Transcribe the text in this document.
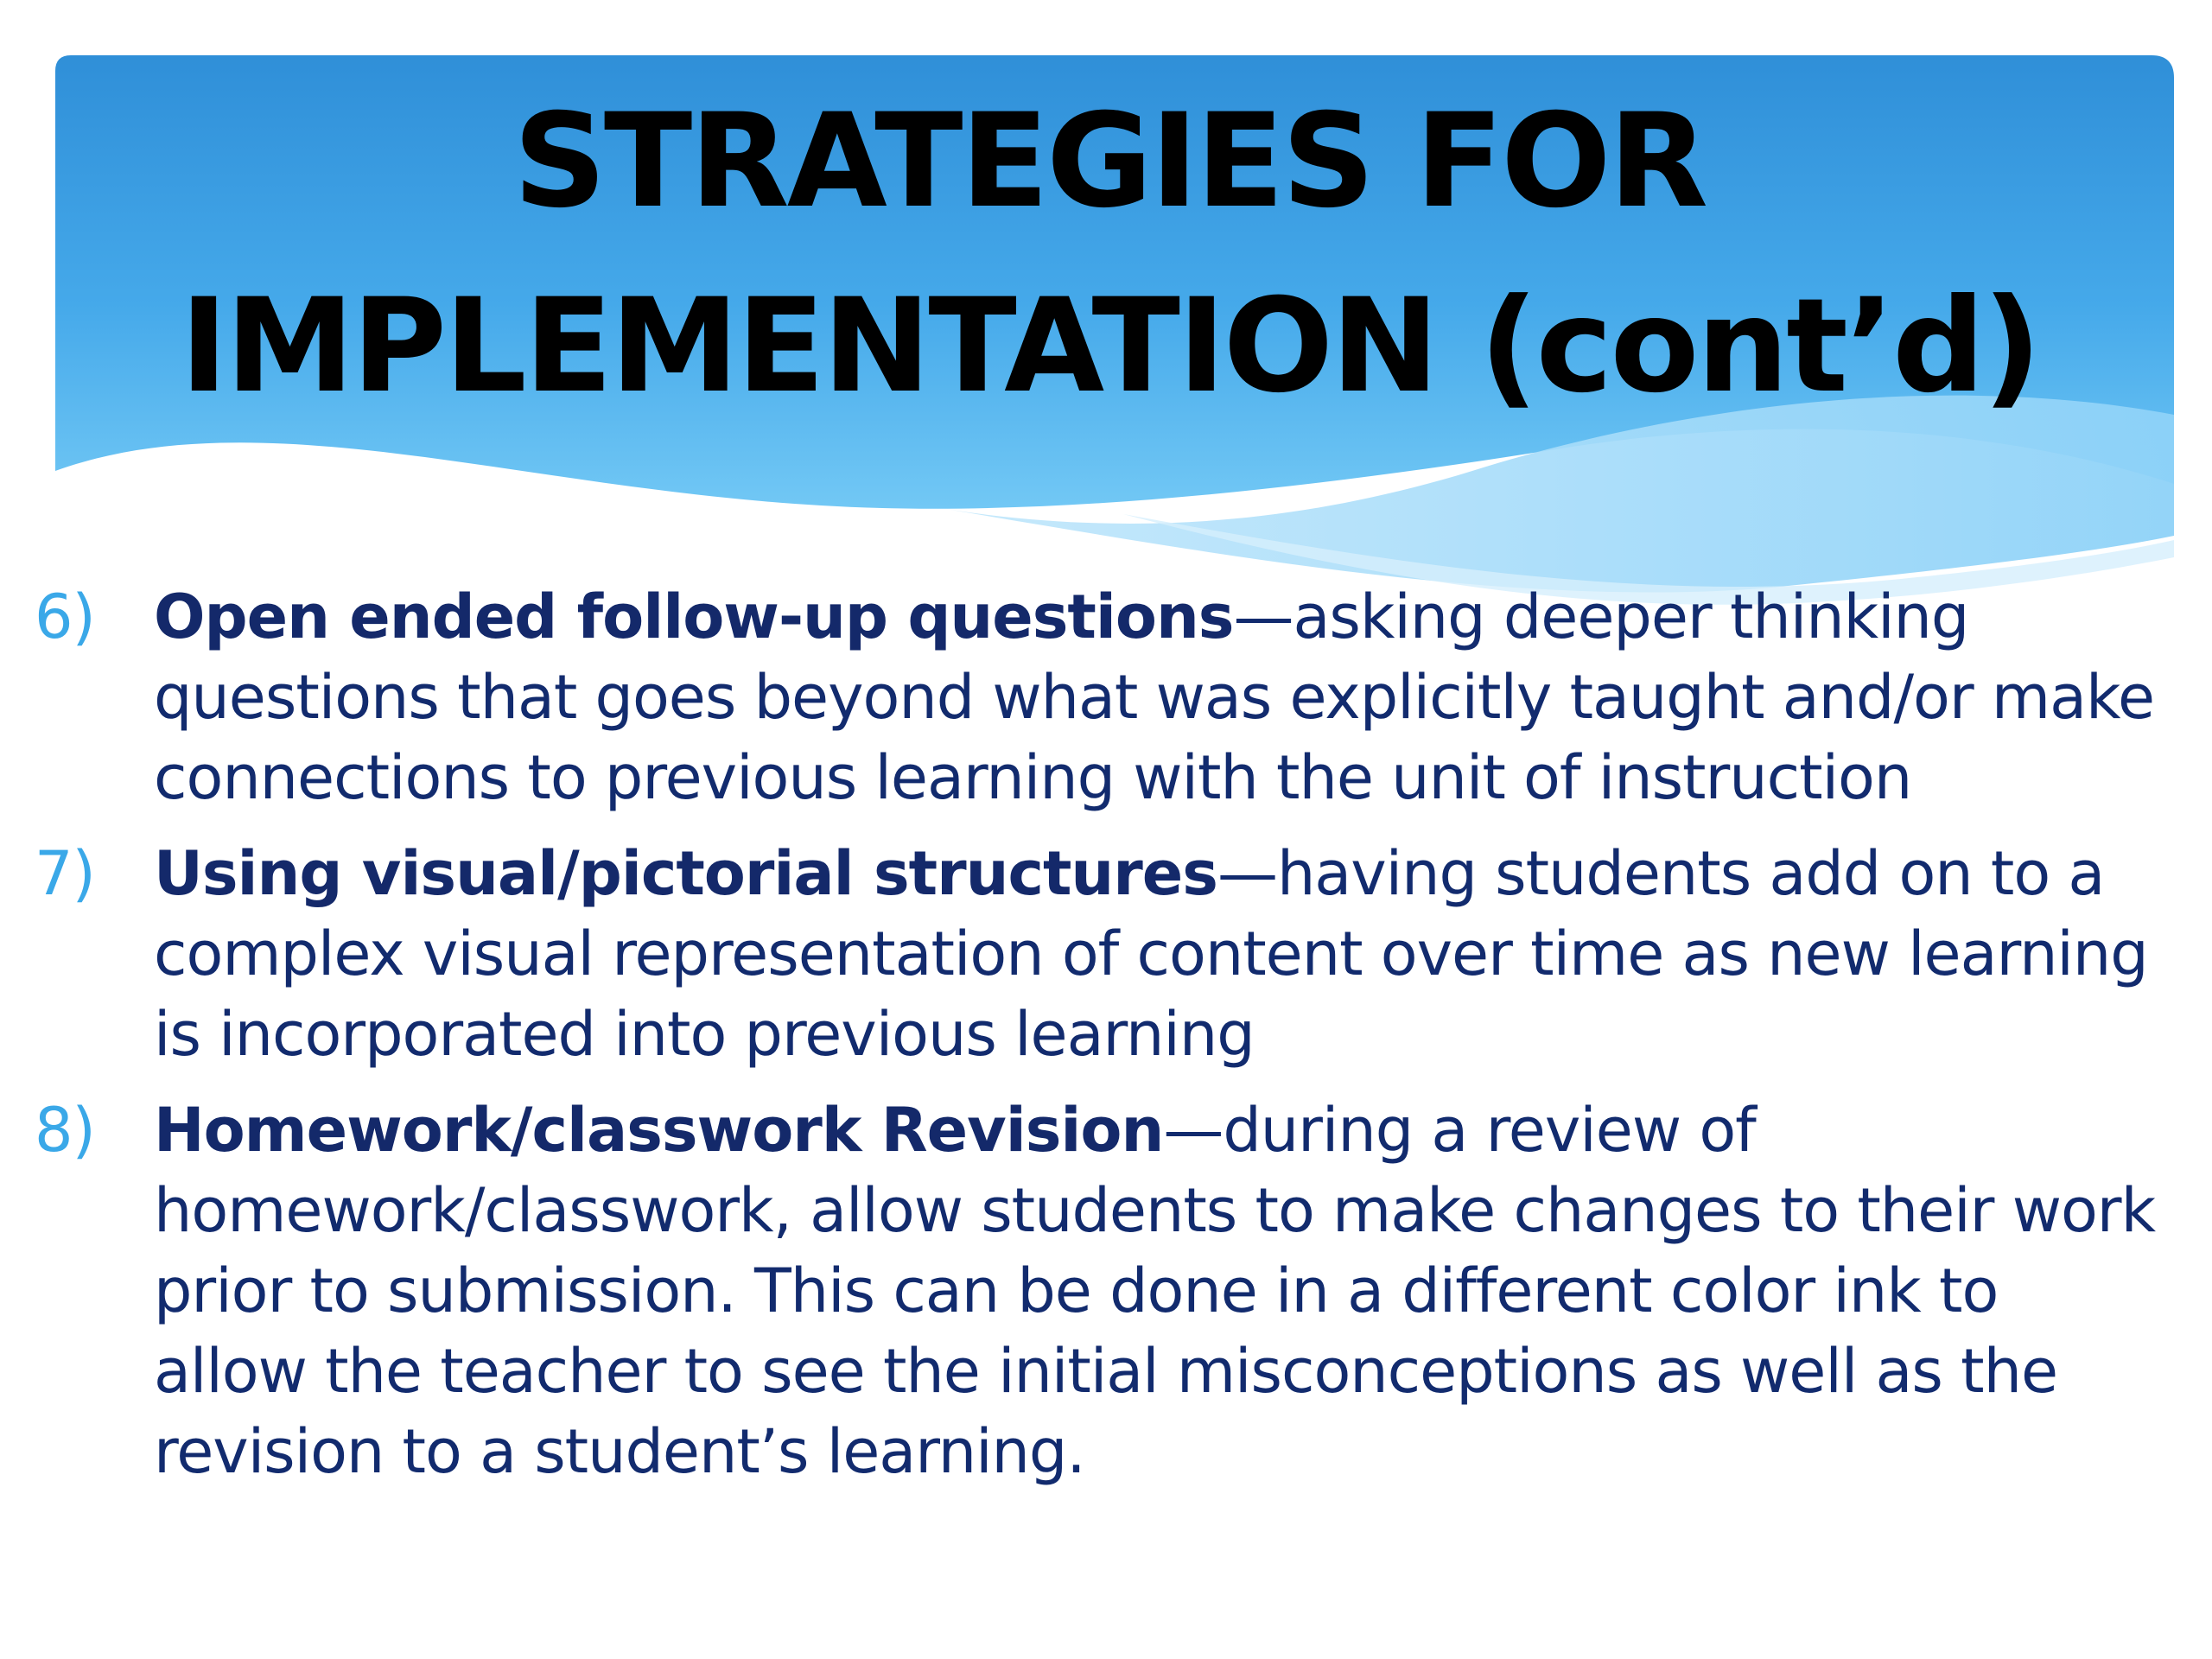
STRATEGIES FOR
IMPLEMENTATION (cont’d)
6) Open ended follow-up questions—asking deeper thinking questions that goes beyond what was explicitly taught and/or make connections to previous learning with the unit of instruction
7) Using visual/pictorial structures—having students add on to a complex visual representation of content over time as new learning is incorporated into previous learning
8) Homework/classwork Revision—during a review of homework/classwork, allow students to make changes to their work prior to submission. This can be done in a different color ink to allow the teacher to see the initial misconceptions as well as the revision to a student’s learning.
